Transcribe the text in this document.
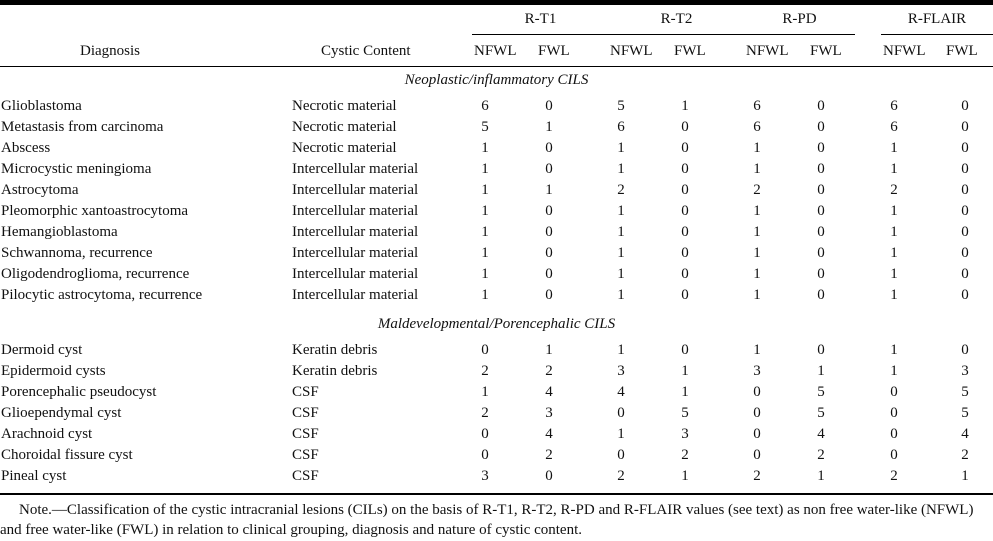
Diagnosis	Cystic Content
R-T1	R-T2	R-PD	R-FLAIR
NFWL FWL	NFWL FWL	NFWL FWL	NFWL FWL
Neoplastic/inflammatory CILS
Glioblastoma	Necrotic material	6	0	5	1	6	0	6	0
Metastasis from carcinoma	Necrotic material	5	1	6	0	6	0	6	0
Abscess	Necrotic material	1	0	1	0	1	0	1	0
Microcystic meningioma	Intercellular material	1	0	1	0	1	0	1	0
Astrocytoma	Intercellular material	1	1	2	0	2	0	2	0
Pleomorphic xantoastrocytoma	Intercellular material	1	0	1	0	1	0	1	0
Hemangioblastoma	Intercellular material	1	0	1	0	1	0	1	0
Schwannoma, recurrence	Intercellular material	1	0	1	0	1	0	1	0
Oligodendroglioma, recurrence	Intercellular material	1	0	1	0	1	0	1	0
Pilocytic astrocytoma, recurrence	Intercellular material	1	0	1	0	1	0	1	0
Maldevelopmental/Porencephalic CILS
Dermoid cyst	Keratin debris	0	1	1	0	1	0	1	0
Epidermoid cysts	Keratin debris	2	2	3	1	3	1	1	3
Porencephalic pseudocyst	CSF	1	4	4	1	0	5	0	5
Glioependymal cyst	CSF	2	3	0	5	0	5	0	5
Arachnoid cyst	CSF	0	4	1	3	0	4	0	4
Choroidal fissure cyst	CSF	0	2	0	2	0	2	0	2
Pineal cyst	CSF	3	0	2	1	2	1	2	1
Note.—Classification of the cystic intracranial lesions (CILs) on the basis of R-T1, R-T2, R-PD and R-FLAIR values (see text) as non free water-like (NFWL) and free water-like (FWL) in relation to clinical grouping, diagnosis and nature of cystic content.
